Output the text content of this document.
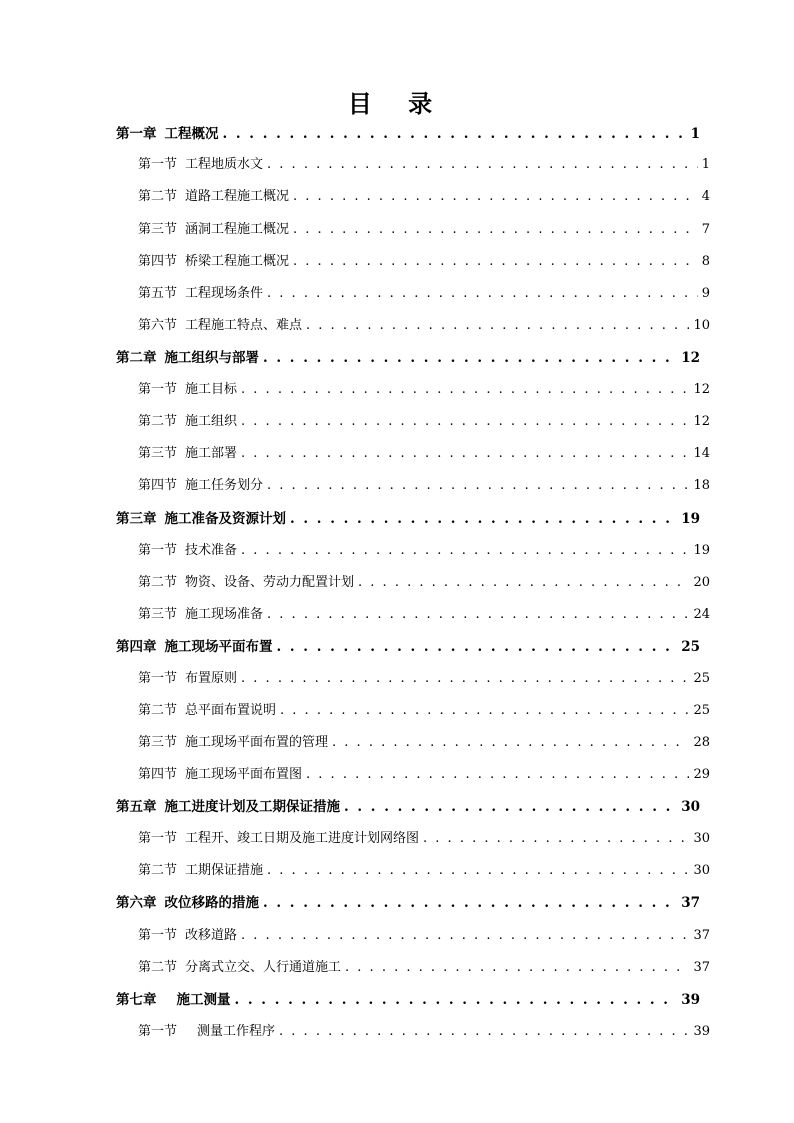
目 录
第一章 工程概况 . . .	1
第一节 工程地质水文 . . .	1
第二节 道路工程施工概况 . . .	4
第三节 涵洞工程施工概况 . . .	7
第四节 桥梁工程施工概况 . . .	8
第五节 工程现场条件 . . .	9
第六节 工程施工特点、难点 . . .	10
第二章 施工组织与部署 . . .	12
第一节 施工目标 . . .	12
第二节 施工组织 . . .	12
第三节 施工部署 . . .	14
第四节 施工任务划分 . . .	18
第三章 施工准备及资源计划 . . .	19
第一节 技术准备 . . .	19
第二节 物资、设备、劳动力配置计划 . . .	20
第三节 施工现场准备 . . .	24
第四章 施工现场平面布置 . . .	25
第一节 布置原则 . . .	25
第二节 总平面布置说明 . . .	25
第三节 施工现场平面布置的管理 . . .	28
第四节 施工现场平面布置图 . . .	29
第五章 施工进度计划及工期保证措施 . . .	30
第一节 工程开、竣工日期及施工进度计划网络图 . . .	30
第二节 工期保证措施 . . .	30
第六章 改位移路的措施 . . .	37
第一节 改移道路 . . .	37
第二节 分离式立交、人行通道施工 . . .	37
第七章 施工测量 . . .	39
第一节 测量工作程序 . . .	39
